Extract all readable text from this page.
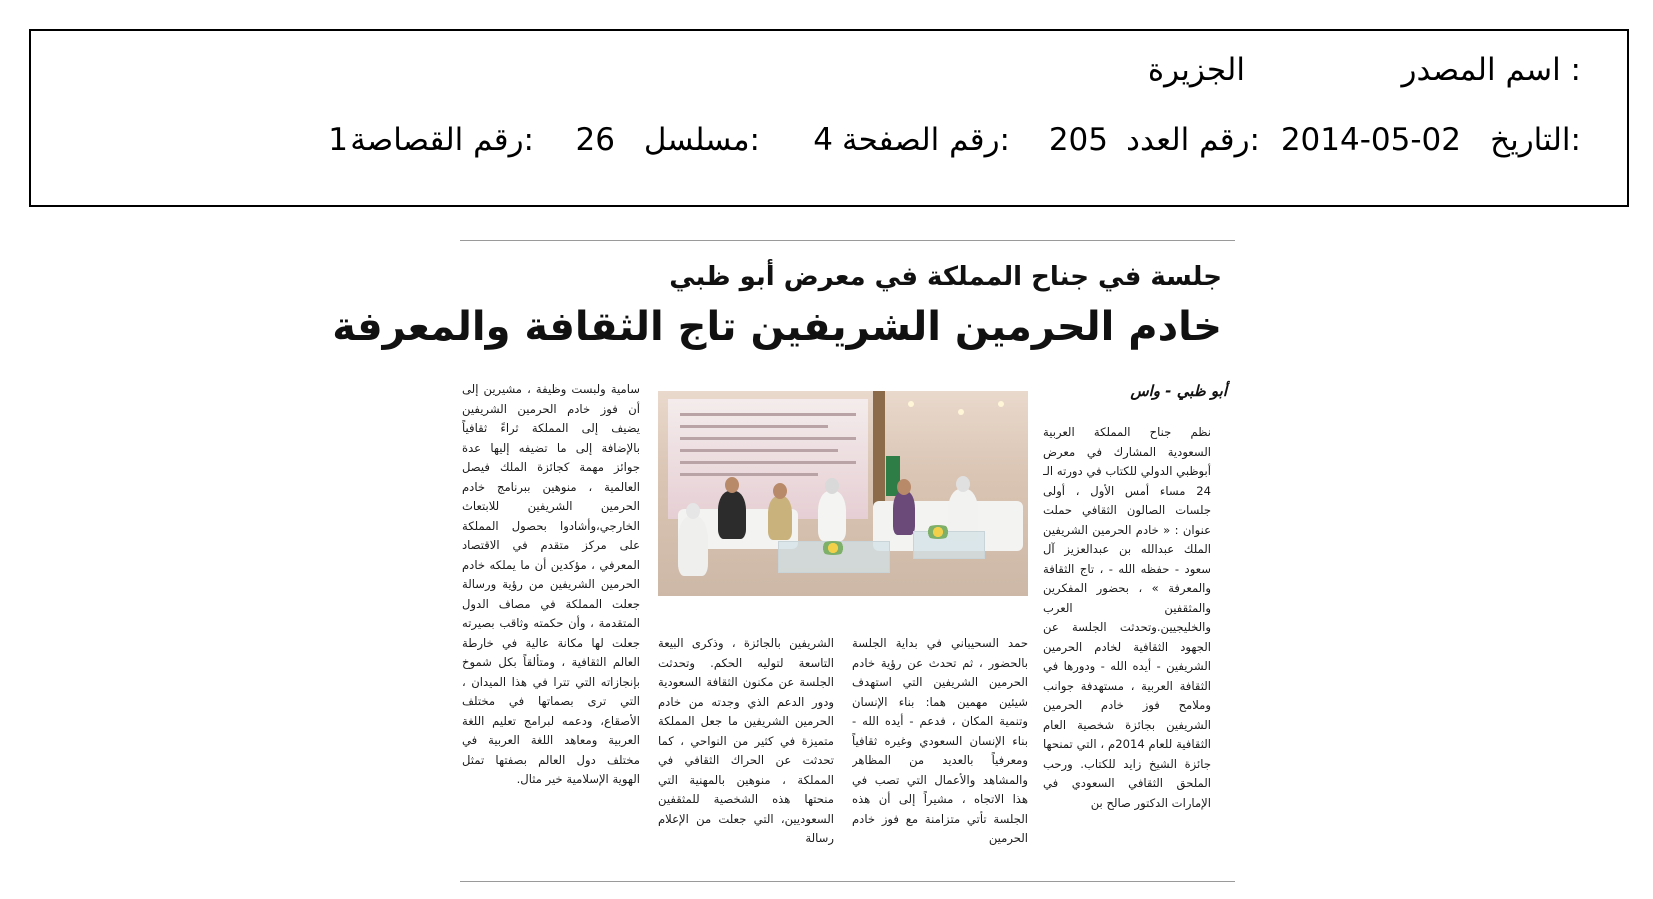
اسم المصدر :
الجزيرة
التاريخ:
2014-05-02
رقم العدد:
205
رقم الصفحة:
4
مسلسل:
26
رقم القصاصة:
1
جلسة في جناح المملكة في معرض أبو ظبي
خادم الحرمين الشريفين تاج الثقافة والمعرفة
أبو ظبي - واس
نظم جناح المملكة العربية السعودية المشارك في معرض أبوظبي الدولي للكتاب في دورته الـ 24 مساء أمس الأول ، أولى جلسات الصالون الثقافي حملت عنوان : « خادم الحرمين الشريفين الملك عبدالله بن عبدالعزيز آل سعود - حفظه الله - ، تاج الثقافة والمعرفة » ، بحضور المفكرين والمثقفين العرب والخليجيين.وتحدثت الجلسة عن الجهود الثقافية لخادم الحرمين الشريفين - أيده الله - ودورها في الثقافة العربية ، مستهدفة جوانب وملامح فوز خادم الحرمين الشريفين بجائزة شخصية العام الثقافية للعام 2014م ، التي تمنحها جائزة الشيخ زايد للكتاب. ورحب الملحق الثقافي السعودي في الإمارات الدكتور صالح بن
حمد السحيباني في بداية الجلسة بالحضور ، ثم تحدث عن رؤية خادم الحرمين الشريفين التي استهدف شيئين مهمين هما: بناء الإنسان وتنمية المكان ، فدعم - أيده الله - بناء الإنسان السعودي وغيره ثقافياً ومعرفياً بالعديد من المظاهر والمشاهد والأعمال التي تصب في هذا الاتجاه ، مشيراً إلى أن هذه الجلسة تأتي متزامنة مع فوز خادم الحرمين
الشريفين بالجائزة ، وذكرى البيعة التاسعة لتوليه الحكم. وتحدثت الجلسة عن مكنون الثقافة السعودية ودور الدعم الذي وجدته من خادم الحرمين الشريفين ما جعل المملكة متميزة في كثير من النواحي ، كما تحدثت عن الحراك الثقافي في المملكة ، منوهين بالمهنية التي منحتها هذه الشخصية للمثقفين السعوديين، التي جعلت من الإعلام رسالة
سامية ولبست وظيفة ، مشيرين إلى أن فوز خادم الحرمين الشريفين يضيف إلى المملكة ثراءً ثقافياً بالإضافة إلى ما تضيفه إليها عدة جوائز مهمة كجائزة الملك فيصل العالمية ، منوهين ببرنامج خادم الحرمين الشريفين للابتعاث الخارجي،وأشادوا بحصول المملكة على مركز متقدم في الاقتصاد المعرفي ، مؤكدين أن ما يملكه خادم الحرمين الشريفين من رؤية ورسالة جعلت المملكة في مصاف الدول المتقدمة ، وأن حكمته وثاقب بصيرته جعلت لها مكانة عالية في خارطة العالم الثقافية ، ومتألقاً بكل شموخ بإنجازاته التي تترا في هذا الميدان ، التي ترى بصماتها في مختلف الأصقاع، ودعمه لبرامج تعليم اللغة العربية ومعاهد اللغة العربية في مختلف دول العالم بصفتها تمثل الهوية الإسلامية خير مثال.
